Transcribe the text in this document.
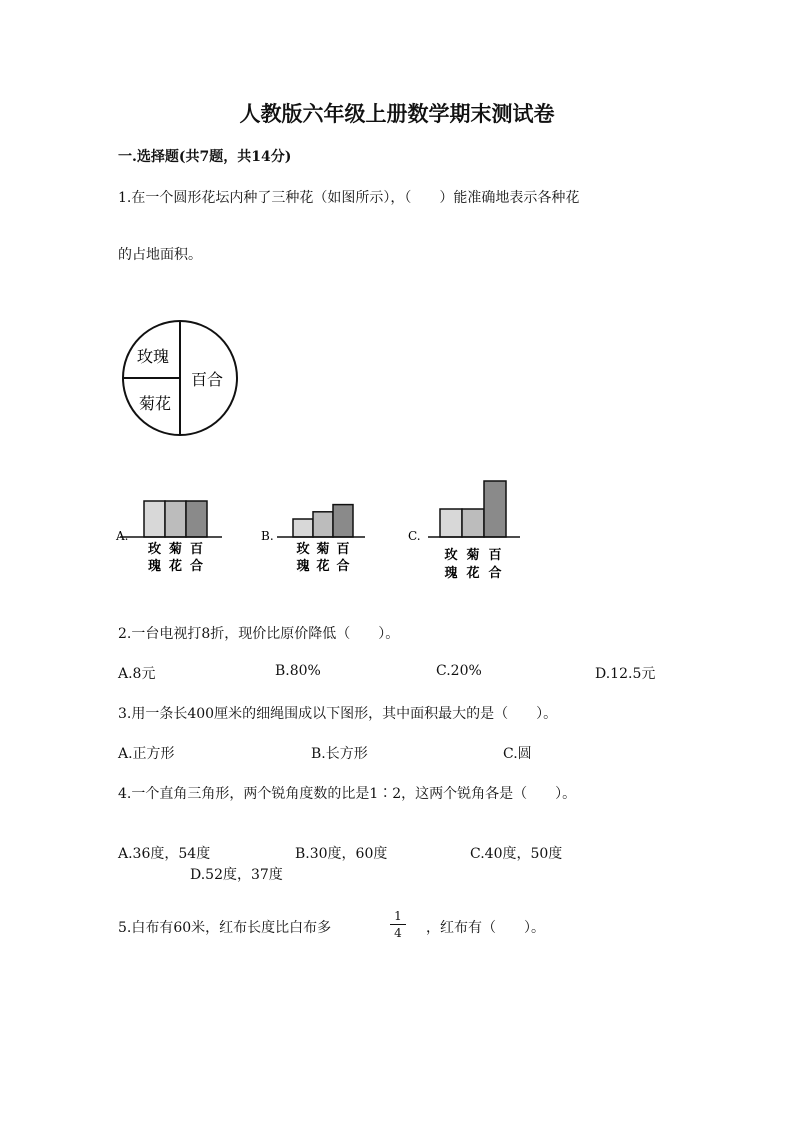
人教版六年级上册数学期末测试卷
一.选择题(共7题，共14分)
1.在一个圆形花坛内种了三种花（如图所示），（　　）能准确地表示各种花
的占地面积。
玫瑰
菊花
百合
A.
玫
瑰
菊
花
百
合
B.
玫
瑰
菊
花
百
合
C.
玫
瑰
菊
花
百
合
2.一台电视打8折，现价比原价降低（　　）。
A.8元	B.80%	C.20%	D.12.5元
3.用一条长400厘米的细绳围成以下图形，其中面积最大的是（　　）。
A.正方形	B.长方形	C.圆
4.一个直角三角形，两个锐角度数的比是1∶2，这两个锐角各是（　　）。
A.36度，54度	B.30度，60度	C.40度，50度
D.52度，37度
5.白布有60米，红布长度比白布多
1
4 ，红布有（　　）。
